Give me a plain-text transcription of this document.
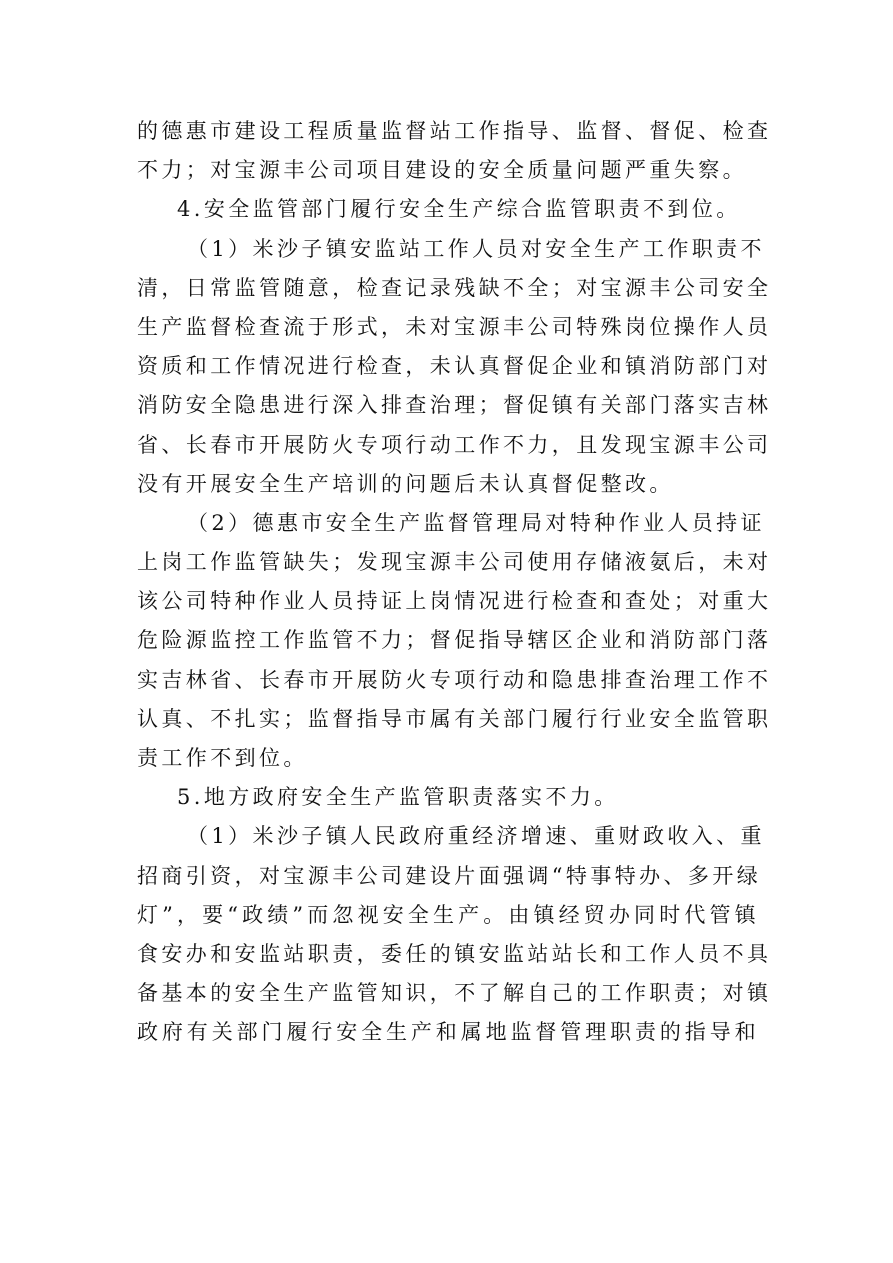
的德惠市建设工程质量监督站工作指导、监督、督促、检查
不力；对宝源丰公司项目建设的安全质量问题严重失察。
4.安全监管部门履行安全生产综合监管职责不到位。
（1）米沙子镇安监站工作人员对安全生产工作职责不
清，日常监管随意，检查记录残缺不全；对宝源丰公司安全
生产监督检查流于形式，未对宝源丰公司特殊岗位操作人员
资质和工作情况进行检查，未认真督促企业和镇消防部门对
消防安全隐患进行深入排查治理；督促镇有关部门落实吉林
省、长春市开展防火专项行动工作不力，且发现宝源丰公司
没有开展安全生产培训的问题后未认真督促整改。
（2）德惠市安全生产监督管理局对特种作业人员持证
上岗工作监管缺失；发现宝源丰公司使用存储液氨后，未对
该公司特种作业人员持证上岗情况进行检查和查处；对重大
危险源监控工作监管不力；督促指导辖区企业和消防部门落
实吉林省、长春市开展防火专项行动和隐患排查治理工作不
认真、不扎实；监督指导市属有关部门履行行业安全监管职
责工作不到位。
5.地方政府安全生产监管职责落实不力。
（1）米沙子镇人民政府重经济增速、重财政收入、重
招商引资，对宝源丰公司建设片面强调“特事特办、多开绿
灯”，要“政绩”而忽视安全生产。由镇经贸办同时代管镇
食安办和安监站职责，委任的镇安监站站长和工作人员不具
备基本的安全生产监管知识，不了解自己的工作职责；对镇
政府有关部门履行安全生产和属地监督管理职责的指导和
